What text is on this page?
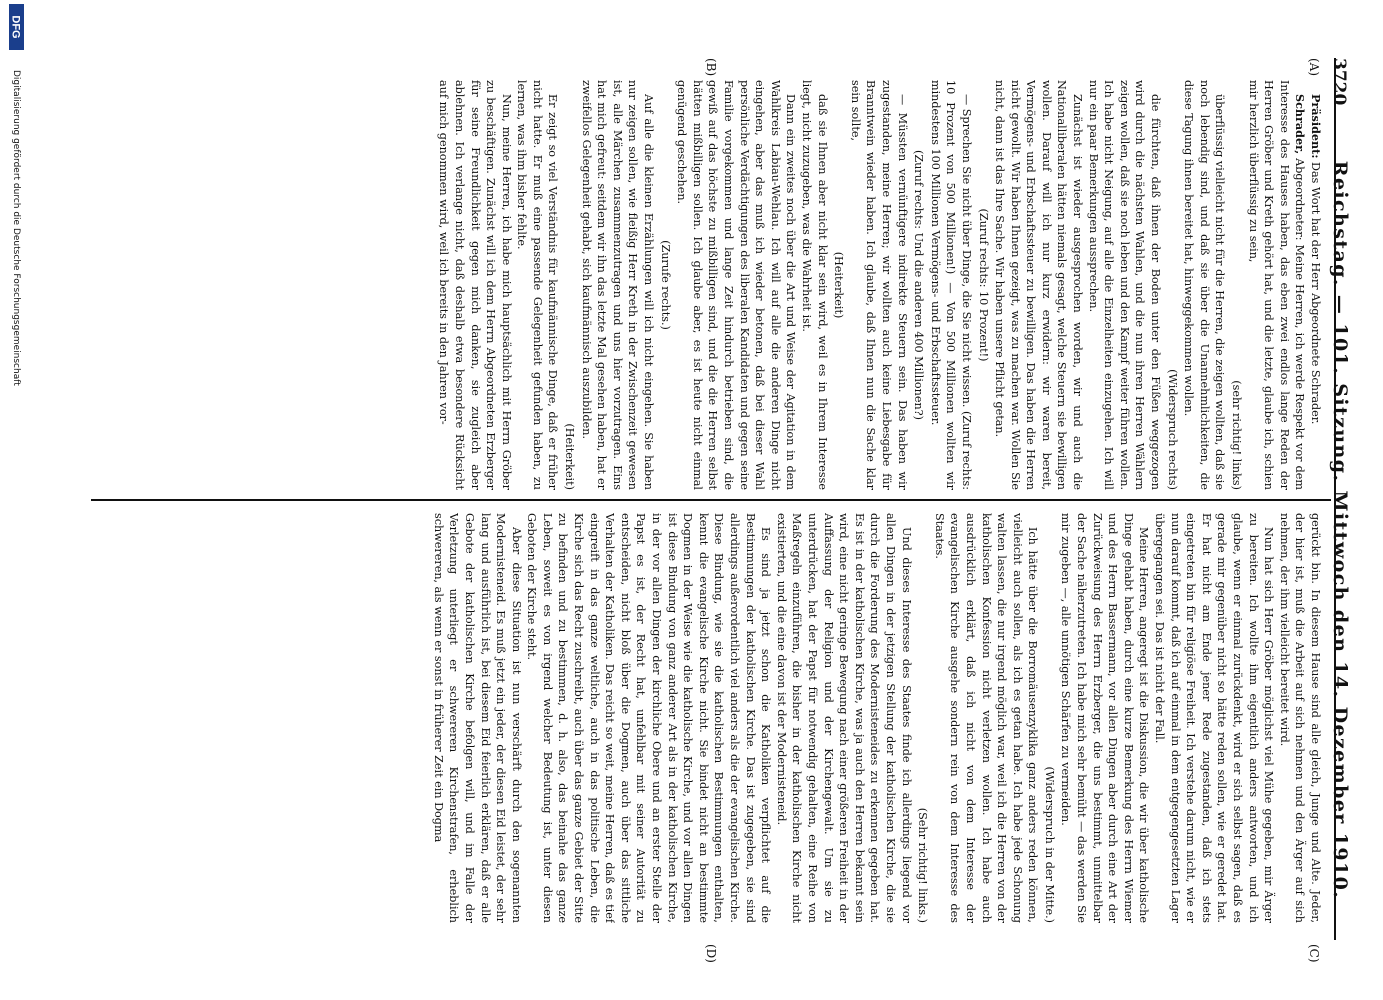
3720
Reichstag. — 101. Sitzung. Mittwoch den 14. Dezember 1910.
(A)
(B)
(C)
(D)

Präsident: Das Wort hat der Herr Abgeordnete Schrader.

Schrader, Abgeordneter: Meine Herren, ich werde Respekt vor dem Interesse des Hauses haben, das eben zwei endlos lange Reden der Herren Gröber und Kreth gehört hat, und die letzte, glaube ich, schien mir herzlich überflüssig zu sein,

(sehr richtig! links)

überflüssig vielleicht nicht für die Herren, die zeigen wollten, daß sie noch lebendig sind, und daß sie über die Unannehmlichkeiten, die diese Tagung ihnen bereitet hat, hinweggekommen wollen.

(Widerspruch rechts)

die fürchten, daß ihnen der Boden unter den Füßen weggezogen wird durch die nächsten Wahlen, und die nun ihren Herren Wählern zeigen wollen, daß sie noch leben und den Kampf weiter führen wollen. Ich habe nicht Neigung, auf alle die Einzelheiten einzugehen. Ich will nur ein paar Bemerkungen aussprechen.

Zunächst ist wieder ausgesprochen worden, wir und auch die Nationalliberalen hätten niemals gesagt, welche Steuern sie bewilligen wollen. Darauf will ich nur kurz erwidern: wir waren bereit, Vermögens- und Erbschaftssteuer zu bewilligen. Das haben die Herren nicht gewollt. Wir haben Ihnen gezeigt, was zu machen war. Wollen Sie nicht, dann ist das Ihre Sache. Wir haben unsere Pflicht getan.

(Zuruf rechts: 10 Prozent!)

— Sprechen Sie nicht über Dinge, die Sie nicht wissen. (Zuruf rechts: 10 Prozent von 500 Millionen!) — Von 500 Millionen wollten wir mindestens 100 Millionen Vermögens- und Erbschaftssteuer.

(Zuruf rechts: Und die anderen 400 Millionen?)

— Müssten vernünftigere indirekte Steuern sein. Das haben wir zugestanden, meine Herren; wir wollten auch keine Liebesgabe für Branntwein wieder haben. Ich glaube, daß Ihnen nun die Sache klar sein sollte,

(Heiterkeit)

daß sie Ihnen aber nicht klar sein wird, weil es in Ihrem Interesse liegt, nicht zuzugeben, was die Wahrheit ist.

Dann ein zweites noch über die Art und Weise der Agitation in dem Wahlkreis Labiau-Wehlau. Ich will auf alle die anderen Dinge nicht eingehen, aber das muß ich wieder betonen, daß bei dieser Wahl persönliche Verdächtigungen des liberalen Kandidaten und gegen seine Familie vorgekommen und lange Zeit hindurch betrieben sind, die gewiß auf das höchste zu mißbilligen sind, und die die Herren selbst hätten mißbilligen sollen. Ich glaube aber, es ist heute nicht einmal genügend geschehen.

(Zurufe rechts.)

Auf alle die kleinen Erzählungen will ich nicht eingehen. Sie haben nur zeigen sollen, wie fleißig Herr Kreth in der Zwischenzeit gewesen ist, alle Märchen zusammenzutragen und uns hier vorzutragen. Eins hat mich gefreut: seitdem wir ihn das letzte Mal gesehen haben, hat er zweifellos Gelegenheit gehabt, sich kaufmännisch auszubilden.

(Heiterkeit)

Er zeigt so viel Verständnis für kaufmännische Dinge, daß er früher nicht hatte. Er muß eine passende Gelegenheit gefunden haben, zu lernen, was ihm bisher fehlte.

Nun, meine Herren, ich habe mich hauptsächlich mit Herrn Gröber zu beschäftigen. Zunächst will ich dem Herrn Abgeordneten Erzberger für seine Freundlichkeit gegen mich danken, sie zugleich aber ablehnen. Ich verlange nicht, daß deshalb etwa besondere Rücksicht auf mich genommen wird, weil ich bereits in den Jahren vor-

gerückt bin. In diesem Hause sind alle gleich, Junge und Alte. Jeder, der hier ist, muß die Arbeit auf sich nehmen und den Ärger auf sich nehmen, der ihm vielleicht bereitet wird.

Nun hat sich Herr Gröber möglichst viel Mühe gegeben, mir Ärger zu bereiten. Ich wollte ihm eigentlich anders antworten, und ich glaube, wenn er einmal zurückdenkt, wird er sich selbst sagen, daß es gerade mir gegenüber nicht so hätte reden sollen, wie er geredet hat. Er hat nicht am Ende jener Rede zugestanden, daß ich stets eingetreten bin für religiöse Freiheit. Ich verstehe darum nicht, wie er nun darauf kommt, daß ich auf einmal in dem entgegengesetzten Lager übergegangen sei. Das ist nicht der Fall.

Meine Herren, angeregt ist die Diskussion, die wir über katholische Dinge gehabt haben, durch eine kurze Bemerkung des Herrn Wiemer und des Herrn Bassermann, vor allen Dingen aber durch eine Art der Zurückweisung des Herrn Erzberger, die uns bestimmt, unmittelbar der Sache näherzutreten. Ich habe mich sehr bemüht — das werden Sie mir zugeben —, alle unnötigen Schärfen zu vermeiden.

(Widerspruch in der Mitte.)

Ich hätte über die Borromäusenzyklika ganz anders reden können, vielleicht auch sollen, als ich es getan habe. Ich habe jede Schonung walten lassen, die nur irgend möglich war, weil ich die Herren von der katholischen Konfession nicht verletzen wollen. Ich habe auch ausdrücklich erklärt, daß ich nicht von dem Interesse der evangelischen Kirche ausgehe sondern rein von dem Interesse des Staates.

(Sehr richtig! links.)

Und dieses Interesse des Staates finde ich allerdings liegend vor allen Dingen in der jetzigen Stellung der katholischen Kirche, die sie durch die Forderung des Modernisteneides zu erkennen gegeben hat. Es ist in der katholischen Kirche, was ja auch den Herren bekannt sein wird, eine nicht geringe Bewegung nach einer größeren Freiheit in der Auffassung der Religion und der Kirchengewalt. Um sie zu unterdrücken, hat der Papst für notwendig gehalten, eine Reihe von Maßregeln einzuführen, die bisher in der katholischen Kirche nicht existierten, und die eine davon ist der Modernisteneid.

Es sind ja jetzt schon die Katholiken verpflichtet auf die Bestimmungen der katholischen Kirche. Das ist zugegeben, sie sind allerdings außerordentlich viel anders als die der evangelischen Kirche. Diese Bindung, wie sie die katholischen Bestimmungen enthalten, kennt die evangelische Kirche nicht. Sie bindet nicht an bestimmte Dogmen in der Weise wie die katholische Kirche, und vor allen Dingen ist diese Bindung von ganz anderer Art als in der katholischen Kirche, in der vor allen Dingen der kirchliche Obere und an erster Stelle der Papst es ist, der Recht hat, unfehlbar mit seiner Autorität zu entscheiden, nicht bloß über die Dogmen, auch über das sittliche Verhalten der Katholiken. Das reicht so weit, meine Herren, daß es tief eingreift in das ganze weltliche, auch in das politische Leben, die Kirche sich das Recht zuschreibt, auch über das ganze Gebiet der Sitte zu befinden und zu bestimmen, d. h. also, das beinahe das ganze Leben, soweit es von irgend welcher Bedeutung ist, unter diesen Geboten der Kirche steht.

Aber diese Situation ist nun verschärft durch den sogenannten Modernisteneid. Es muß jetzt ein jeder, der diesen Eid leistet, der sehr lang und ausführlich ist, bei diesem Eid feierlich erklären, daß er alle Gebote der katholischen Kirche befolgen will, und im Falle der Verletzung unterliegt er schwereren Kirchenstrafen, erheblich schwereren, als wenn er sonst in früherer Zeit ein Dogma

DFG
Digitalisierung gefördert durch die Deutsche Forschungsgemeinschaft
